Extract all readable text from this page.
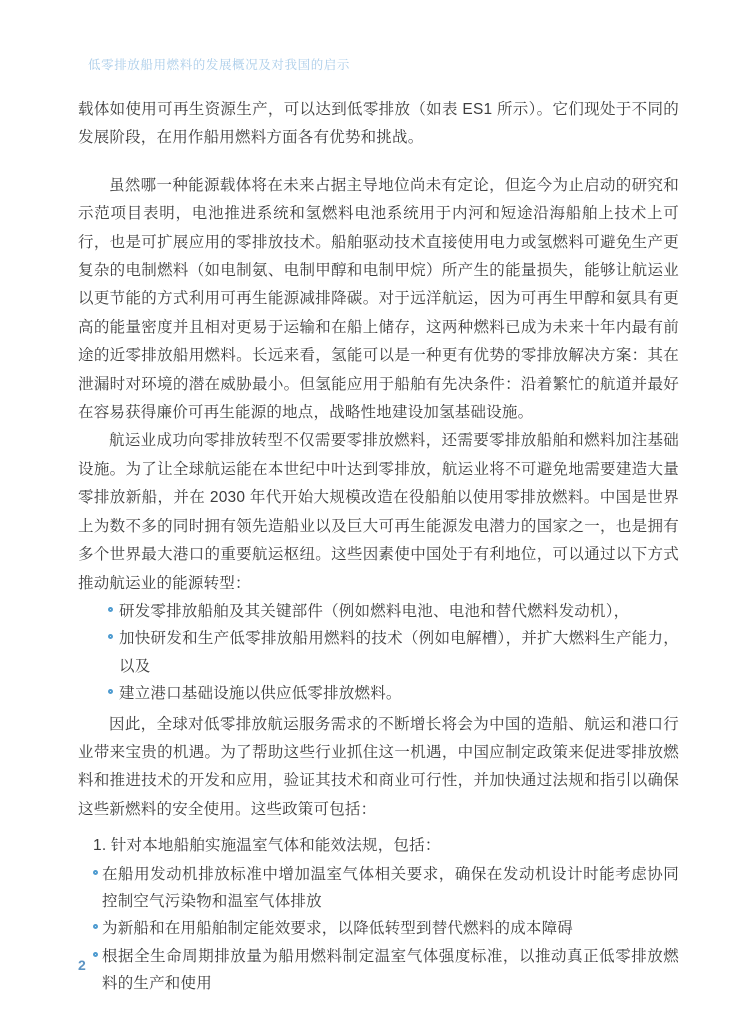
低零排放船用燃料的发展概况及对我国的启示

载体如使用可再生资源生产，可以达到低零排放（如表 ES1 所示）。它们现处于不同的发展阶段，在用作船用燃料方面各有优势和挑战。

虽然哪一种能源载体将在未来占据主导地位尚未有定论，但迄今为止启动的研究和示范项目表明，电池推进系统和氢燃料电池系统用于内河和短途沿海船舶上技术上可行，也是可扩展应用的零排放技术。船舶驱动技术直接使用电力或氢燃料可避免生产更复杂的电制燃料（如电制氨、电制甲醇和电制甲烷）所产生的能量损失，能够让航运业以更节能的方式利用可再生能源减排降碳。对于远洋航运，因为可再生甲醇和氨具有更高的能量密度并且相对更易于运输和在船上储存，这两种燃料已成为未来十年内最有前途的近零排放船用燃料。长远来看，氢能可以是一种更有优势的零排放解决方案：其在泄漏时对环境的潜在威胁最小。但氢能应用于船舶有先决条件：沿着繁忙的航道并最好在容易获得廉价可再生能源的地点，战略性地建设加氢基础设施。

航运业成功向零排放转型不仅需要零排放燃料，还需要零排放船舶和燃料加注基础设施。为了让全球航运能在本世纪中叶达到零排放，航运业将不可避免地需要建造大量零排放新船，并在 2030 年代开始大规模改造在役船舶以使用零排放燃料。中国是世界上为数不多的同时拥有领先造船业以及巨大可再生能源发电潜力的国家之一，也是拥有多个世界最大港口的重要航运枢纽。这些因素使中国处于有利地位，可以通过以下方式推动航运业的能源转型：

研发零排放船舶及其关键部件（例如燃料电池、电池和替代燃料发动机），
加快研发和生产低零排放船用燃料的技术（例如电解槽），并扩大燃料生产能力，以及
建立港口基础设施以供应低零排放燃料。

因此，全球对低零排放航运服务需求的不断增长将会为中国的造船、航运和港口行业带来宝贵的机遇。为了帮助这些行业抓住这一机遇，中国应制定政策来促进零排放燃料和推进技术的开发和应用，验证其技术和商业可行性，并加快通过法规和指引以确保这些新燃料的安全使用。这些政策可包括：

1. 针对本地船舶实施温室气体和能效法规，包括：

在船用发动机排放标准中增加温室气体相关要求，确保在发动机设计时能考虑协同控制空气污染物和温室气体排放
为新船和在用船舶制定能效要求，以降低转型到替代燃料的成本障碍
根据全生命周期排放量为船用燃料制定温室气体强度标准，以推动真正低零排放燃料的生产和使用
2
